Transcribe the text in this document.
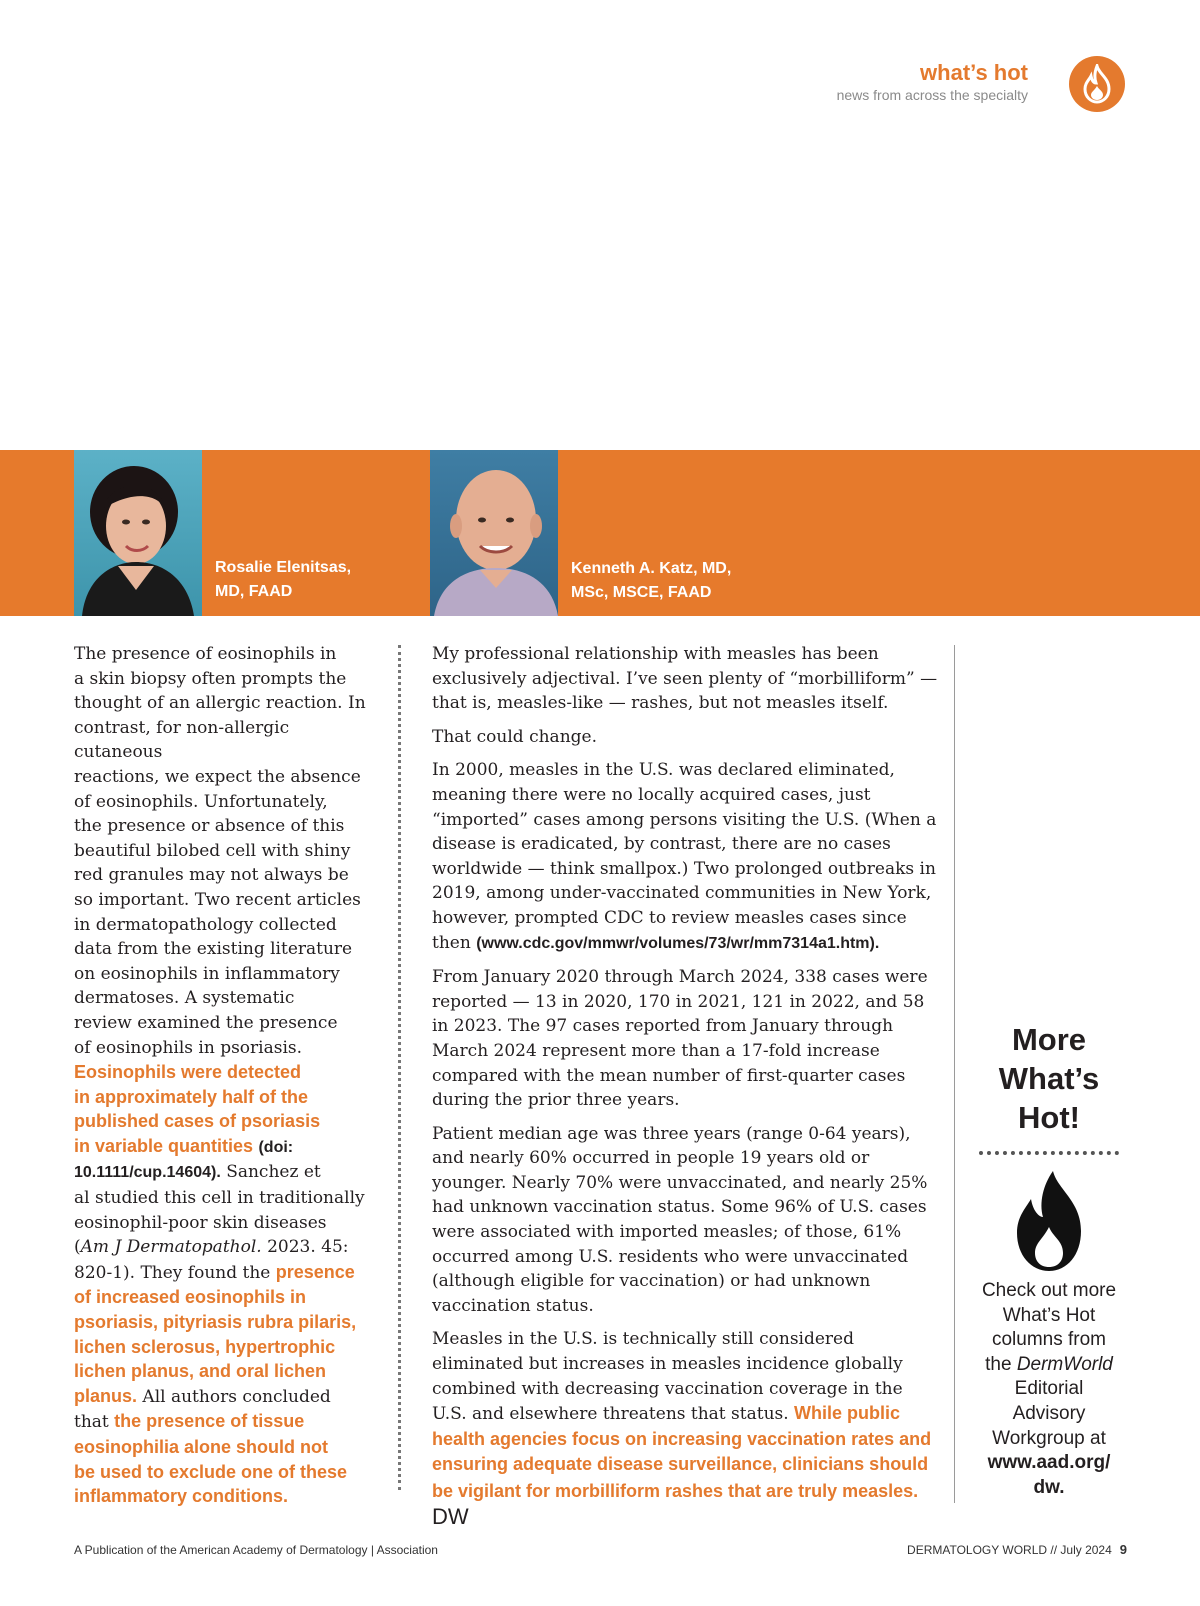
what’s hot
news from across the specialty
Rosalie Elenitsas,
MD, FAAD
Kenneth A. Katz, MD,
MSc, MSCE, FAAD
The presence of eosinophils in
a skin biopsy often prompts the
thought of an allergic reaction. In
contrast, for non-allergic cutaneous
reactions, we expect the absence
of eosinophils. Unfortunately,
the presence or absence of this
beautiful bilobed cell with shiny
red granules may not always be
so important. Two recent articles
in dermatopathology collected
data from the existing literature
on eosinophils in inflammatory
dermatoses. A systematic
review examined the presence
of eosinophils in psoriasis.
Eosinophils were detected
in approximately half of the
published cases of psoriasis
in variable quantities (doi:
10.1111/cup.14604). Sanchez et
al studied this cell in traditionally
eosinophil-poor skin diseases
(Am J Dermatopathol. 2023. 45:
820-1). They found the presence
of increased eosinophils in
psoriasis, pityriasis rubra pilaris,
lichen sclerosus, hypertrophic
lichen planus, and oral lichen
planus. All authors concluded
that the presence of tissue
eosinophilia alone should not
be used to exclude one of these
inflammatory conditions.

My professional relationship with measles has been exclusively adjectival. I’ve seen plenty of “morbilliform” — that is, measles-like — rashes, but not measles itself.

That could change.

In 2000, measles in the U.S. was declared eliminated, meaning there were no locally acquired cases, just “imported” cases among persons visiting the U.S. (When a disease is eradicated, by contrast, there are no cases worldwide — think smallpox.) Two prolonged outbreaks in 2019, among under-vaccinated communities in New York, however, prompted CDC to review measles cases since then (www.cdc.gov/mmwr/volumes/73/wr/mm7314a1.htm).

From January 2020 through March 2024, 338 cases were reported — 13 in 2020, 170 in 2021, 121 in 2022, and 58 in 2023. The 97 cases reported from January through March 2024 represent more than a 17-fold increase compared with the mean number of first-quarter cases during the prior three years.

Patient median age was three years (range 0-64 years), and nearly 60% occurred in people 19 years old or younger. Nearly 70% were unvaccinated, and nearly 25% had unknown vaccination status. Some 96% of U.S. cases were associated with imported measles; of those, 61% occurred among U.S. residents who were unvaccinated (although eligible for vaccination) or had unknown vaccination status.

Measles in the U.S. is technically still considered eliminated but increases in measles incidence globally combined with decreasing vaccination coverage in the U.S. and elsewhere threatens that status. While public health agencies focus on increasing vaccination rates and ensuring adequate disease surveillance, clinicians should be vigilant for morbilliform rashes that are truly measles. DW

More
What’s
Hot!
Check out more
What’s Hot
columns from
the DermWorld
Editorial
Advisory
Workgroup at
www.aad.org/
dw.
A Publication of the American Academy of Dermatology | Association	DERMATOLOGY WORLD // July 2024 9
